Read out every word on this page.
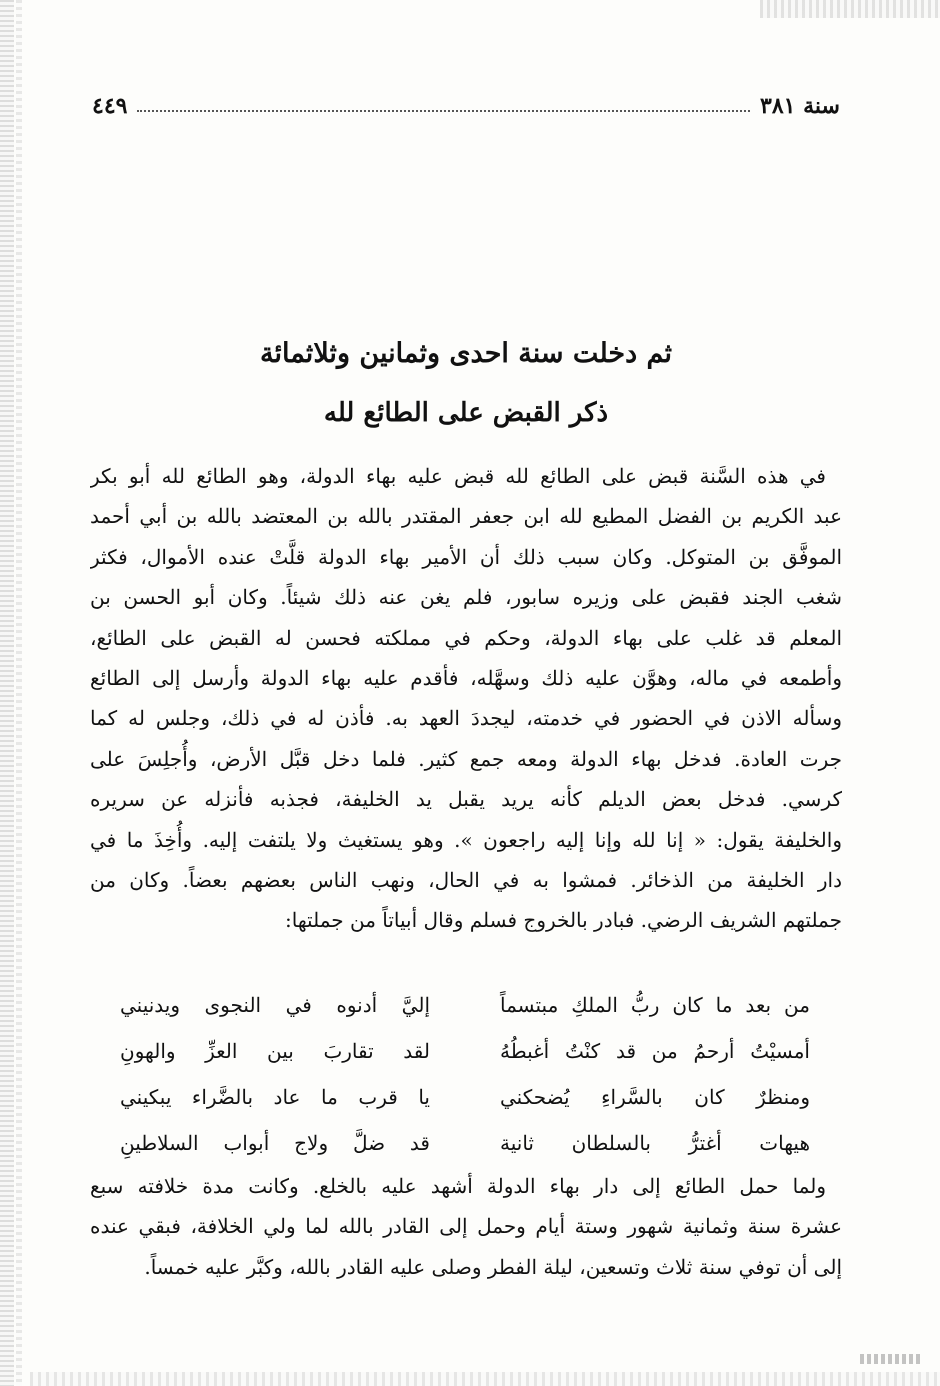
سنة ٣٨١
٤٤٩
ثم دخلت سنة احدى وثمانين وثلاثمائة
ذكر القبض على الطائع لله
في هذه السَّنة قبض على الطائع لله قبض عليه بهاء الدولة، وهو الطائع لله أبو بكر
عبد الكريم بن الفضل المطيع لله ابن جعفر المقتدر بالله بن المعتضد بالله بن أبي أحمد
الموفَّق بن المتوكل. وكان سبب ذلك أن الأمير بهاء الدولة قلَّتْ عنده الأموال، فكثر
شغب الجند فقبض على وزيره سابور، فلم يغن عنه ذلك شيئاً. وكان أبو الحسن بن
المعلم قد غلب على بهاء الدولة، وحكم في مملكته فحسن له القبض على الطائع،
وأطمعه في ماله، وهوَّن عليه ذلك وسهَّله، فأقدم عليه بهاء الدولة وأرسل إلى الطائع
وسأله الاذن في الحضور في خدمته، ليجددَ العهد به. فأذن له في ذلك، وجلس له كما
جرت العادة. فدخل بهاء الدولة ومعه جمع كثير. فلما دخل قبَّل الأرض، وأُجلِسَ على
كرسي. فدخل بعض الديلم كأنه يريد يقبل يد الخليفة، فجذبه فأنزله عن سريره
والخليفة يقول: « إنا لله وإنا إليه راجعون ». وهو يستغيث ولا يلتفت إليه. وأُخِذَ ما في
دار الخليفة من الذخائر. فمشوا به في الحال، ونهب الناس بعضهم بعضاً. وكان من
جملتهم الشريف الرضي. فبادر بالخروج فسلم وقال أبياتاً من جملتها:
من بعد ما كان ربُّ الملكِ مبتسماً
إليَّ أدنوه في النجوى ويدنيني
أمسيْتُ أرحمُ من قد كنْتُ أغبطُهُ
لقد تقاربَ بين العزِّ والهونِ
ومنظرٌ كان بالسَّراءِ يُضحكني
يا قرب ما عاد بالضَّراء يبكيني
هيهات أغترُّ بالسلطان ثانية
قد ضلَّ ولاج أبواب السلاطينِ
ولما حمل الطائع إلى دار بهاء الدولة أشهد عليه بالخلع. وكانت مدة خلافته سبع
عشرة سنة وثمانية شهور وستة أيام وحمل إلى القادر بالله لما ولي الخلافة، فبقي عنده
إلى أن توفي سنة ثلاث وتسعين، ليلة الفطر وصلى عليه القادر بالله، وكبَّر عليه خمساً.
